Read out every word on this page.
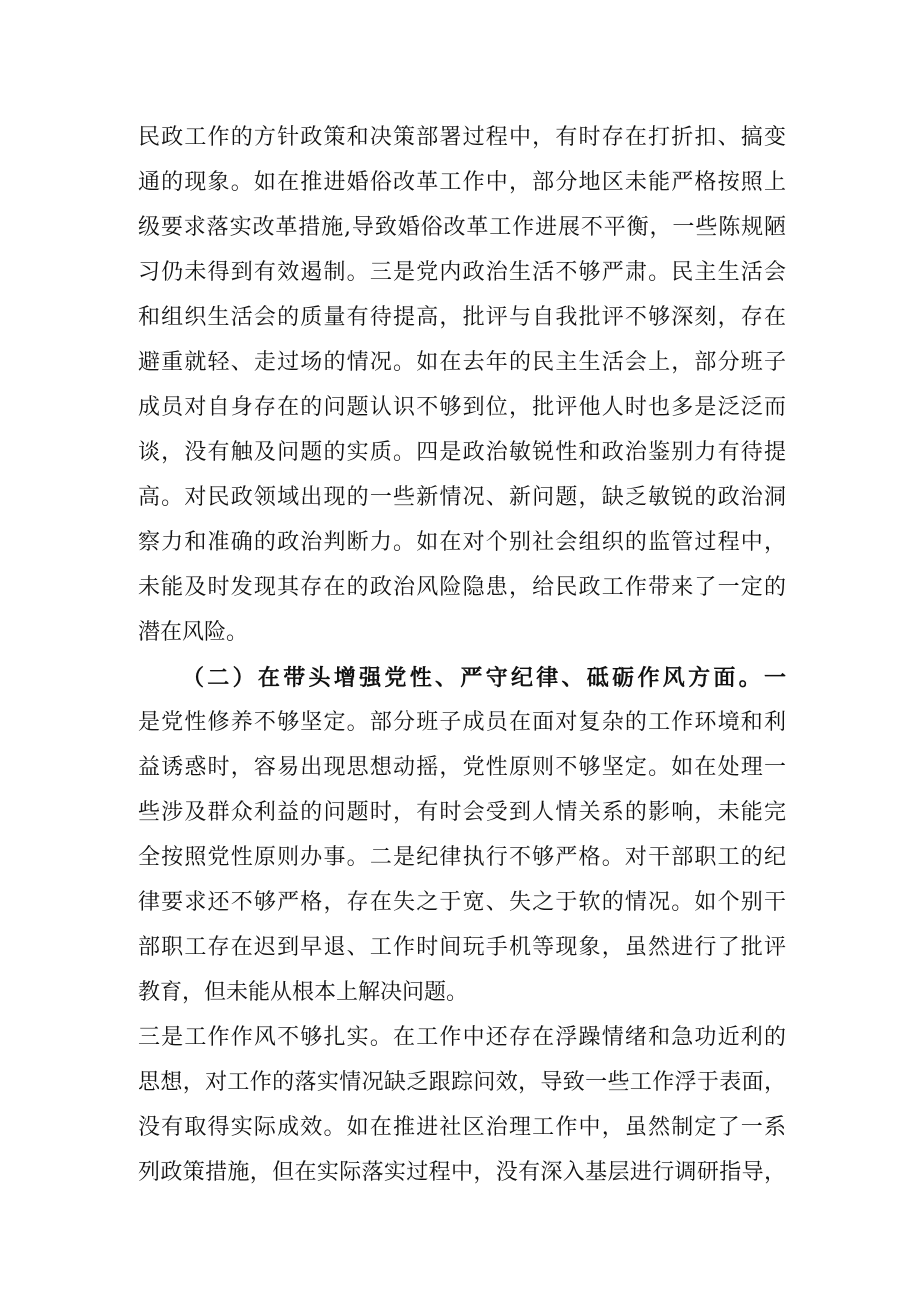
民政工作的方针政策和决策部署过程中，有时存在打折扣、搞变

通的现象。如在推进婚俗改革工作中，部分地区未能严格按照上

级要求落实改革措施,导致婚俗改革工作进展不平衡，一些陈规陋

习仍未得到有效遏制。三是党内政治生活不够严肃。民主生活会

和组织生活会的质量有待提高，批评与自我批评不够深刻，存在

避重就轻、走过场的情况。如在去年的民主生活会上，部分班子

成员对自身存在的问题认识不够到位，批评他人时也多是泛泛而

谈，没有触及问题的实质。四是政治敏锐性和政治鉴别力有待提

高。对民政领域出现的一些新情况、新问题，缺乏敏锐的政治洞

察力和准确的政治判断力。如在对个别社会组织的监管过程中，

未能及时发现其存在的政治风险隐患，给民政工作带来了一定的

潜在风险。

（二）在带头增强党性、严守纪律、砥砺作风方面。一

是党性修养不够坚定。部分班子成员在面对复杂的工作环境和利

益诱惑时，容易出现思想动摇，党性原则不够坚定。如在处理一

些涉及群众利益的问题时，有时会受到人情关系的影响，未能完

全按照党性原则办事。二是纪律执行不够严格。对干部职工的纪

律要求还不够严格，存在失之于宽、失之于软的情况。如个别干

部职工存在迟到早退、工作时间玩手机等现象，虽然进行了批评

教育，但未能从根本上解决问题。

三是工作作风不够扎实。在工作中还存在浮躁情绪和急功近利的

思想，对工作的落实情况缺乏跟踪问效，导致一些工作浮于表面，

没有取得实际成效。如在推进社区治理工作中，虽然制定了一系

列政策措施，但在实际落实过程中，没有深入基层进行调研指导，
